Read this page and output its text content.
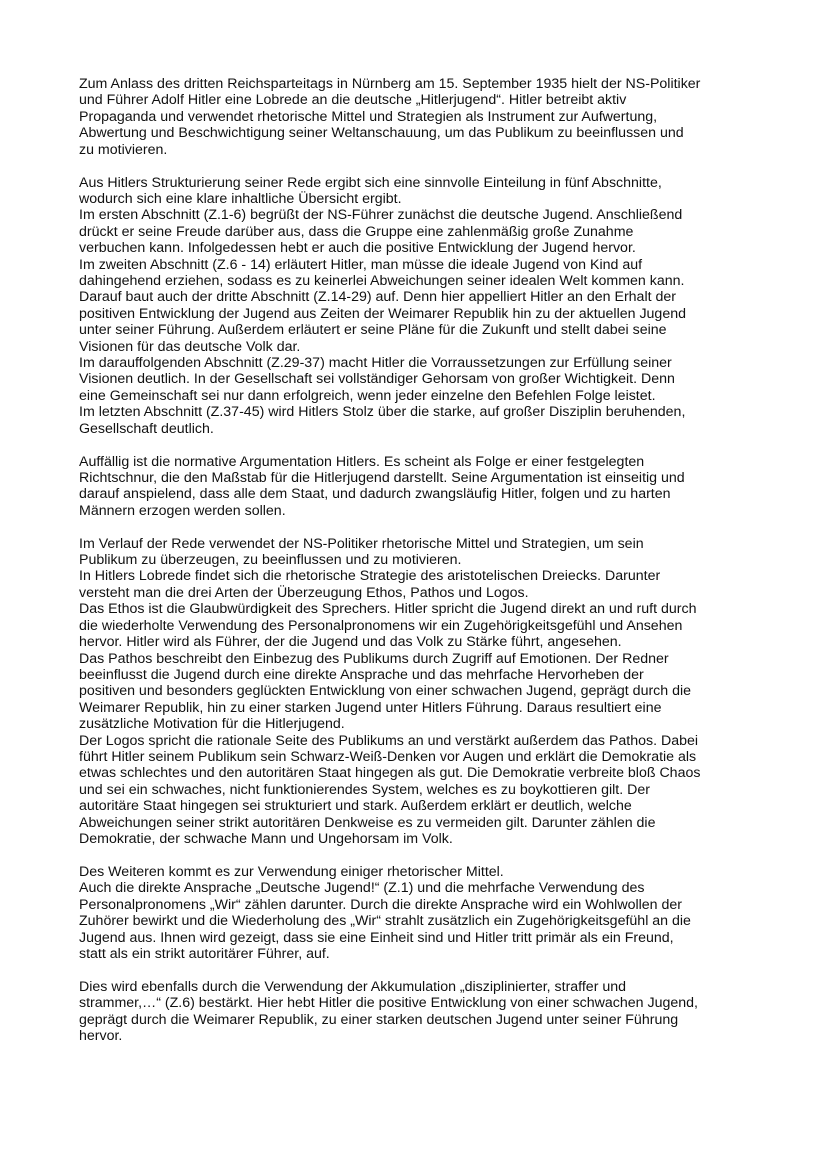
Zum Anlass des dritten Reichsparteitags in Nürnberg am 15. September 1935 hielt der NS-Politiker
und Führer Adolf Hitler eine Lobrede an die deutsche „Hitlerjugend“. Hitler betreibt aktiv
Propaganda und verwendet rhetorische Mittel und Strategien als Instrument zur Aufwertung,
Abwertung und Beschwichtigung seiner Weltanschauung, um das Publikum zu beeinflussen und
zu motivieren.

Aus Hitlers Strukturierung seiner Rede ergibt sich eine sinnvolle Einteilung in fünf Abschnitte,
wodurch sich eine klare inhaltliche Übersicht ergibt.
Im ersten Abschnitt (Z.1-6) begrüßt der NS-Führer zunächst die deutsche Jugend. Anschließend
drückt er seine Freude darüber aus, dass die Gruppe eine zahlenmäßig große Zunahme
verbuchen kann. Infolgedessen hebt er auch die positive Entwicklung der Jugend hervor.
Im zweiten Abschnitt (Z.6 - 14) erläutert Hitler, man müsse die ideale Jugend von Kind auf
dahingehend erziehen, sodass es zu keinerlei Abweichungen seiner idealen Welt kommen kann.
Darauf baut auch der dritte Abschnitt (Z.14-29) auf. Denn hier appelliert Hitler an den Erhalt der
positiven Entwicklung der Jugend aus Zeiten der Weimarer Republik hin zu der aktuellen Jugend
unter seiner Führung. Außerdem erläutert er seine Pläne für die Zukunft und stellt dabei seine
Visionen für das deutsche Volk dar.
Im darauffolgenden Abschnitt (Z.29-37) macht Hitler die Vorraussetzungen zur Erfüllung seiner
Visionen deutlich. In der Gesellschaft sei vollständiger Gehorsam von großer Wichtigkeit. Denn
eine Gemeinschaft sei nur dann erfolgreich, wenn jeder einzelne den Befehlen Folge leistet.
Im letzten Abschnitt (Z.37-45) wird Hitlers Stolz über die starke, auf großer Disziplin beruhenden,
Gesellschaft deutlich.

Auffällig ist die normative Argumentation Hitlers. Es scheint als Folge er einer festgelegten
Richtschnur, die den Maßstab für die Hitlerjugend darstellt. Seine Argumentation ist einseitig und
darauf anspielend, dass alle dem Staat, und dadurch zwangsläufig Hitler, folgen und zu harten
Männern erzogen werden sollen.

Im Verlauf der Rede verwendet der NS-Politiker rhetorische Mittel und Strategien, um sein
Publikum zu überzeugen, zu beeinflussen und zu motivieren.
In Hitlers Lobrede findet sich die rhetorische Strategie des aristotelischen Dreiecks. Darunter
versteht man die drei Arten der Überzeugung Ethos, Pathos und Logos.
Das Ethos ist die Glaubwürdigkeit des Sprechers. Hitler spricht die Jugend direkt an und ruft durch
die wiederholte Verwendung des Personalpronomens wir ein Zugehörigkeitsgefühl und Ansehen
hervor. Hitler wird als Führer, der die Jugend und das Volk zu Stärke führt, angesehen.
Das Pathos beschreibt den Einbezug des Publikums durch Zugriff auf Emotionen. Der Redner
beeinflusst die Jugend durch eine direkte Ansprache und das mehrfache Hervorheben der
positiven und besonders geglückten Entwicklung von einer schwachen Jugend, geprägt durch die
Weimarer Republik, hin zu einer starken Jugend unter Hitlers Führung. Daraus resultiert eine
zusätzliche Motivation für die Hitlerjugend.
Der Logos spricht die rationale Seite des Publikums an und verstärkt außerdem das Pathos. Dabei
führt Hitler seinem Publikum sein Schwarz-Weiß-Denken vor Augen und erklärt die Demokratie als
etwas schlechtes und den autoritären Staat hingegen als gut. Die Demokratie verbreite bloß Chaos
und sei ein schwaches, nicht funktionierendes System, welches es zu boykottieren gilt. Der
autoritäre Staat hingegen sei strukturiert und stark. Außerdem erklärt er deutlich, welche
Abweichungen seiner strikt autoritären Denkweise es zu vermeiden gilt. Darunter zählen die
Demokratie, der schwache Mann und Ungehorsam im Volk.

Des Weiteren kommt es zur Verwendung einiger rhetorischer Mittel.
Auch die direkte Ansprache „Deutsche Jugend!“ (Z.1) und die mehrfache Verwendung des
Personalpronomens „Wir“ zählen darunter. Durch die direkte Ansprache wird ein Wohlwollen der
Zuhörer bewirkt und die Wiederholung des „Wir“ strahlt zusätzlich ein Zugehörigkeitsgefühl an die
Jugend aus. Ihnen wird gezeigt, dass sie eine Einheit sind und Hitler tritt primär als ein Freund,
statt als ein strikt autoritärer Führer, auf.

Dies wird ebenfalls durch die Verwendung der Akkumulation „disziplinierter, straffer und
strammer,…“ (Z.6) bestärkt. Hier hebt Hitler die positive Entwicklung von einer schwachen Jugend,
geprägt durch die Weimarer Republik, zu einer starken deutschen Jugend unter seiner Führung
hervor.
